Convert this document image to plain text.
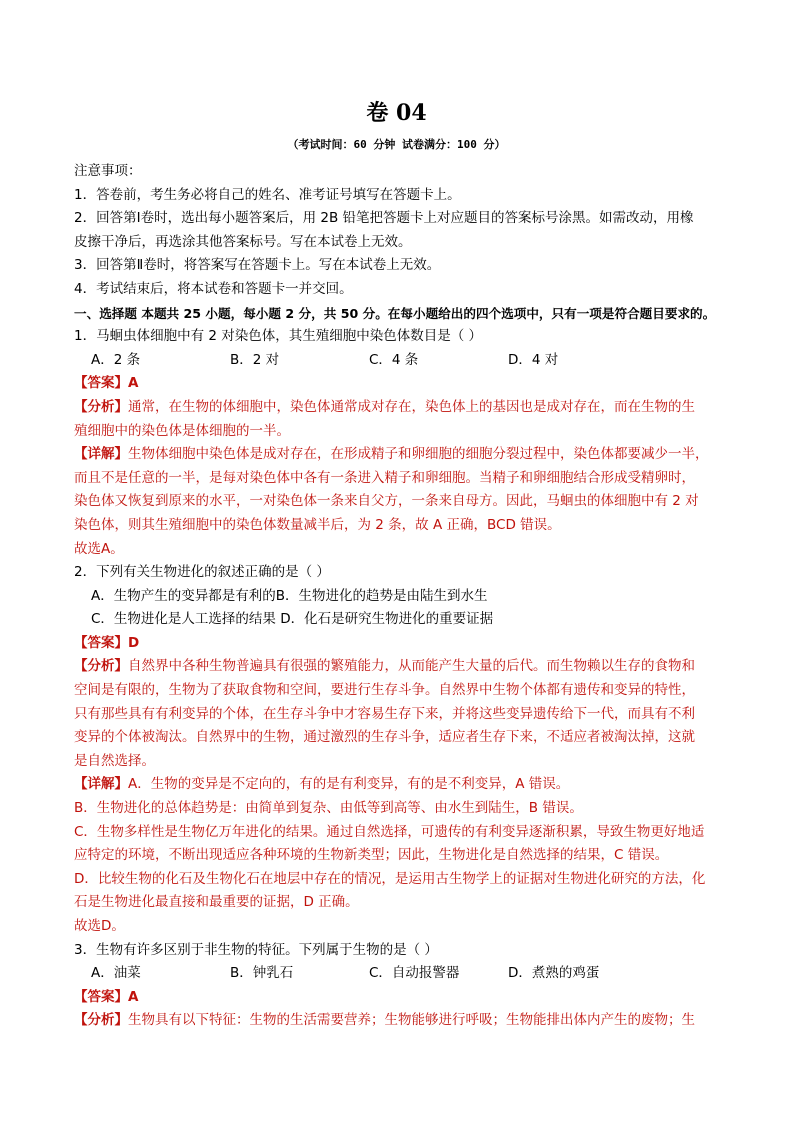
卷 04
（考试时间：60 分钟 试卷满分：100 分）
注意事项：
1．答卷前，考生务必将自己的姓名、准考证号填写在答题卡上。
2．回答第Ⅰ卷时，选出每小题答案后，用 2B 铅笔把答题卡上对应题目的答案标号涂黑。如需改动，用橡
皮擦干净后，再选涂其他答案标号。写在本试卷上无效。
3．回答第Ⅱ卷时，将答案写在答题卡上。写在本试卷上无效。
4．考试结束后，将本试卷和答题卡一并交回。
一、选择题 本题共 25 小题，每小题 2 分，共 50 分。在每小题给出的四个选项中，只有一项是符合题目要求的。
1．马蛔虫体细胞中有 2 对染色体，其生殖细胞中染色体数目是（ ）
A．2 条	B．2 对	C．4 条	D．4 对
【答案】A
【分析】通常，在生物的体细胞中，染色体通常成对存在，染色体上的基因也是成对存在，而在生物的生
殖细胞中的染色体是体细胞的一半。
【详解】生物体细胞中染色体是成对存在，在形成精子和卵细胞的细胞分裂过程中，染色体都要减少一半，
而且不是任意的一半，是每对染色体中各有一条进入精子和卵细胞。当精子和卵细胞结合形成受精卵时，
染色体又恢复到原来的水平，一对染色体一条来自父方，一条来自母方。因此，马蛔虫的体细胞中有 2 对
染色体，则其生殖细胞中的染色体数量减半后，为 2 条，故 A 正确，BCD 错误。
故选A。
2．下列有关生物进化的叙述正确的是（ ）
A．生物产生的变异都是有利的B．生物进化的趋势是由陆生到水生
C．生物进化是人工选择的结果 D．化石是研究生物进化的重要证据
【答案】D
【分析】自然界中各种生物普遍具有很强的繁殖能力，从而能产生大量的后代。而生物赖以生存的食物和
空间是有限的，生物为了获取食物和空间，要进行生存斗争。自然界中生物个体都有遗传和变异的特性，
只有那些具有有利变异的个体，在生存斗争中才容易生存下来，并将这些变异遗传给下一代，而具有不利
变异的个体被淘汰。自然界中的生物，通过激烈的生存斗争，适应者生存下来，不适应者被淘汰掉，这就
是自然选择。
【详解】A．生物的变异是不定向的，有的是有利变异，有的是不利变异，A 错误。
B．生物进化的总体趋势是：由简单到复杂、由低等到高等、由水生到陆生，B 错误。
C．生物多样性是生物亿万年进化的结果。通过自然选择，可遗传的有利变异逐渐积累，导致生物更好地适
应特定的环境，不断出现适应各种环境的生物新类型；因此，生物进化是自然选择的结果，C 错误。
D．比较生物的化石及生物化石在地层中存在的情况，是运用古生物学上的证据对生物进化研究的方法，化
石是生物进化最直接和最重要的证据，D 正确。
故选D。
3．生物有许多区别于非生物的特征。下列属于生物的是（ ）
A．油菜	B．钟乳石	C．自动报警器	D．煮熟的鸡蛋
【答案】A
【分析】生物具有以下特征：生物的生活需要营养；生物能够进行呼吸；生物能排出体内产生的废物；生
